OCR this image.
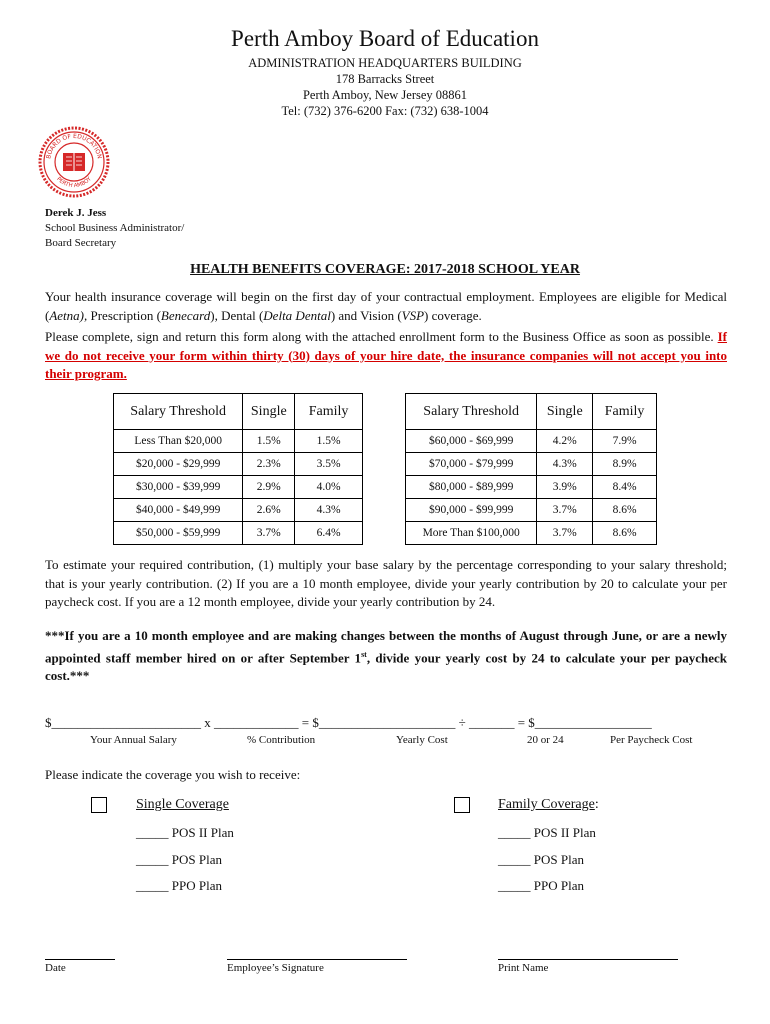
Perth Amboy Board of Education
ADMINISTRATION HEADQUARTERS BUILDING
178 Barracks Street
Perth Amboy, New Jersey 08861
Tel: (732) 376-6200 Fax: (732) 638-1004
BOARD OF EDUCATION
PERTH AMBOY
Derek J. Jess
School Business Administrator/
Board Secretary
HEALTH BENEFITS COVERAGE: 2017-2018 SCHOOL YEAR
Your health insurance coverage will begin on the first day of your contractual employment. Employees are eligible for Medical (Aetna), Prescription (Benecard), Dental (Delta Dental) and Vision (VSP) coverage.
Please complete, sign and return this form along with the attached enrollment form to the Business Office as soon as possible. If we do not receive your form within thirty (30) days of your hire date, the insurance companies will not accept you into their program.
Salary Threshold	Single	Family
Less Than $20,000	1.5%	1.5%
$20,000 - $29,999	2.3%	3.5%
$30,000 - $39,999	2.9%	4.0%
$40,000 - $49,999	2.6%	4.3%
$50,000 - $59,999	3.7%	6.4%
Salary Threshold	Single	Family
$60,000 - $69,999	4.2%	7.9%
$70,000 - $79,999	4.3%	8.9%
$80,000 - $89,999	3.9%	8.4%
$90,000 - $99,999	3.7%	8.6%
More Than $100,000	3.7%	8.6%
To estimate your required contribution, (1) multiply your base salary by the percentage corresponding to your salary threshold; that is your yearly contribution. (2) If you are a 10 month employee, divide your yearly contribution by 20 to calculate your per paycheck cost. If you are a 12 month employee, divide your yearly contribution by 24.
***If you are a 10 month employee and are making changes between the months of August through June, or are a newly appointed staff member hired on or after September 1st, divide your yearly cost by 24 to calculate your per paycheck cost.***
$_______________________ x _____________ = $_____________________ ÷ _______ = $__________________
Your Annual Salary	% Contribution	Yearly Cost	20 or 24	Per Paycheck Cost
Please indicate the coverage you wish to receive:
Single Coverage
_____ POS II Plan
_____ POS Plan
_____ PPO Plan
Family Coverage:
_____ POS II Plan
_____ POS Plan
_____ PPO Plan
Date	Employee’s Signature	Print Name
